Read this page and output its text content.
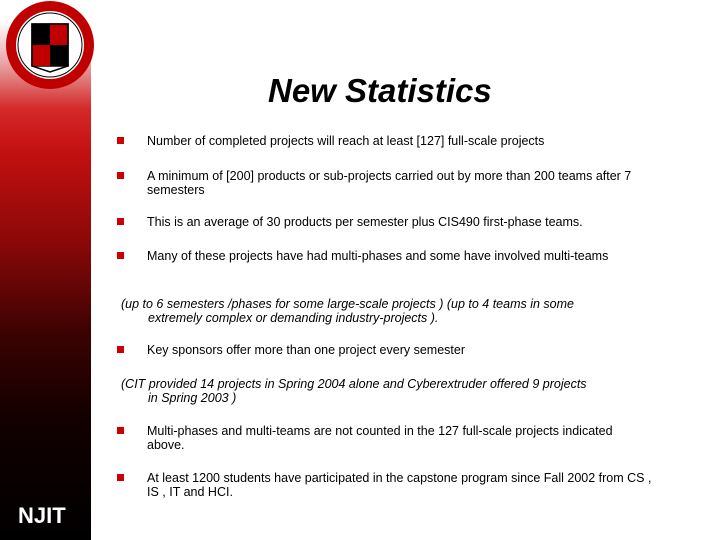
NJIT
New Statistics
Number of completed projects will reach at least [127] full-scale projects
A minimum of [200] products or sub-projects carried out by more than 200 teams after 7 semesters
This is an average of 30 products per semester plus CIS490 first-phase teams.
Many of these projects have had multi-phases and some have involved multi-teams
(up to 6 semesters /phases for some large-scale projects ) (up to 4 teams in some
extremely complex or demanding industry-projects ).
Key sponsors offer more than one project every semester
(CIT provided 14 projects in Spring 2004 alone and Cyberextruder offered 9 projects
in Spring 2003 )
Multi-phases and multi-teams are not counted in the 127 full-scale projects indicated above.
At least 1200 students have participated in the capstone program since Fall 2002 from CS , IS , IT and HCI.
